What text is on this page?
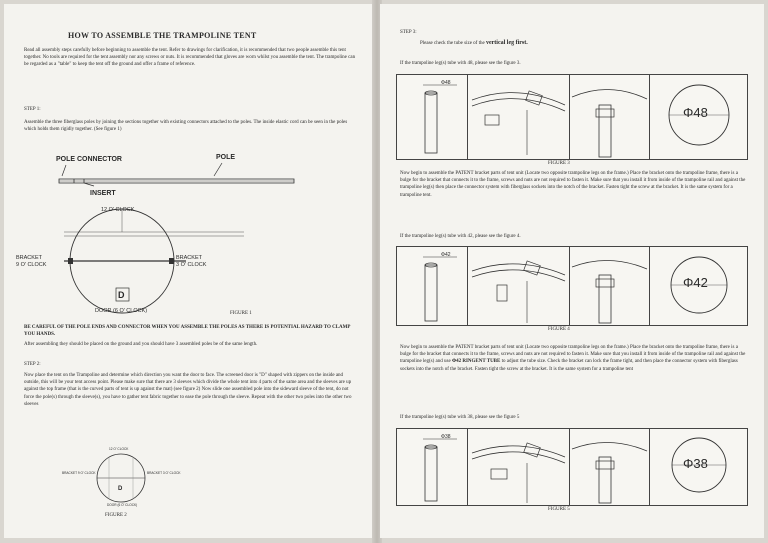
HOW TO ASSEMBLE THE TRAMPOLINE TENT

Read all assembly steps carefully before beginning to assemble the tent. Refer to drawings for clarification, it is recommended that two people assemble this tent together. No tools are required for the tent assembly nor any screws or nuts. It is recommended that gloves are worn whilst you assemble the tent. The trampoline can be regarded as a "table" to keep the tent off the ground and offer a frame of reference.

STEP 1:

Assemble the three fiberglass poles by joining the sections together with existing connectors attached to the poles. The inside elastic cord can be seen in the poles which holds them rigidly together. (See figure 1)

POLE CONNECTOR	POLE

INSERT

12 O' CLOCK

BRACKET

9 O' CLOCK

BRACKET

3 O' CLOCK

D

DOOR (6 O' CLOCK)	FIGURE 1

BE CAREFUL OF THE POLE ENDS AND CONNECTOR WHEN YOU ASSEMBLE THE POLES AS THERE IS POTENTIAL HAZARD TO CLAMP YOU HANDS.

After assembling they should be placed on the ground and you should have 3 assembled poles be of the same length.

STEP 2:

Now place the tent on the Trampoline and determine which direction you want the door to face. The screened door is "D" shaped with zippers on the inside and outside, this will be your tent access point. Please make sure that there are 3 sleeves which divide the whole tent into 4 parts of the same area and the sleeves are up against the top frame (that is the curved parts of tent is up against the mat) (see figure 2) Now slide one assembled pole into the sideward sleeve of the tent, do not force the pole(s) through the sleeve(s), you have to gather tent fabric together to ease the pole through the sleeve. Repeat with the other two poles into the other two sleeves

12 O' CLOCK

BRACKET 9 O' CLOCK	BRACKET 3 O' CLOCK

D

DOOR (6 O' CLOCK)

FIGURE 2

STEP 3:

Please check the tube size of the vertical leg first.

If the trampoline leg(s) tube with 48, please see the figure 3.

Φ48

Φ48

FIGURE 3

Now begin to assemble the PATENT bracket parts of tent unit (Locate two opposite trampoline legs on the frame.) Place the bracket onto the trampoline frame, there is a bulge for the bracket that connects it to the frame, screws and nuts are not required to fasten it. Make sure that you install it from inside of the trampoline rail and against the trampoline leg(s) then place the connector system with fiberglass sockets into the notch of the bracket. Fasten tight the screw at the bracket. It is the same system for a trampoline tent.

If the trampoline leg(s) tube with 42, please see the figure 4.

Φ42

Φ42

FIGURE 4

Now begin to assemble the PATENT bracket parts of tent unit (Locate two opposite trampoline legs on the frame.) Place the bracket onto the trampoline frame, there is a bulge for the bracket that connects it to the frame, screws and nuts are not required to fasten it. Make sure that you install it from inside of the trampoline rail and against the trampoline leg(s) and use Φ42 RINGENT TUBE to adjust the tube size. Check the bracket can lock the frame tight, and then place the connector system with fiberglass sockets into the notch of the bracket. Fasten tight the screw at the bracket. It is the same system for a trampoline tent

If the trampoline leg(s) tube with 38, please see the figure 5

Φ38

Φ38

FIGURE 5
